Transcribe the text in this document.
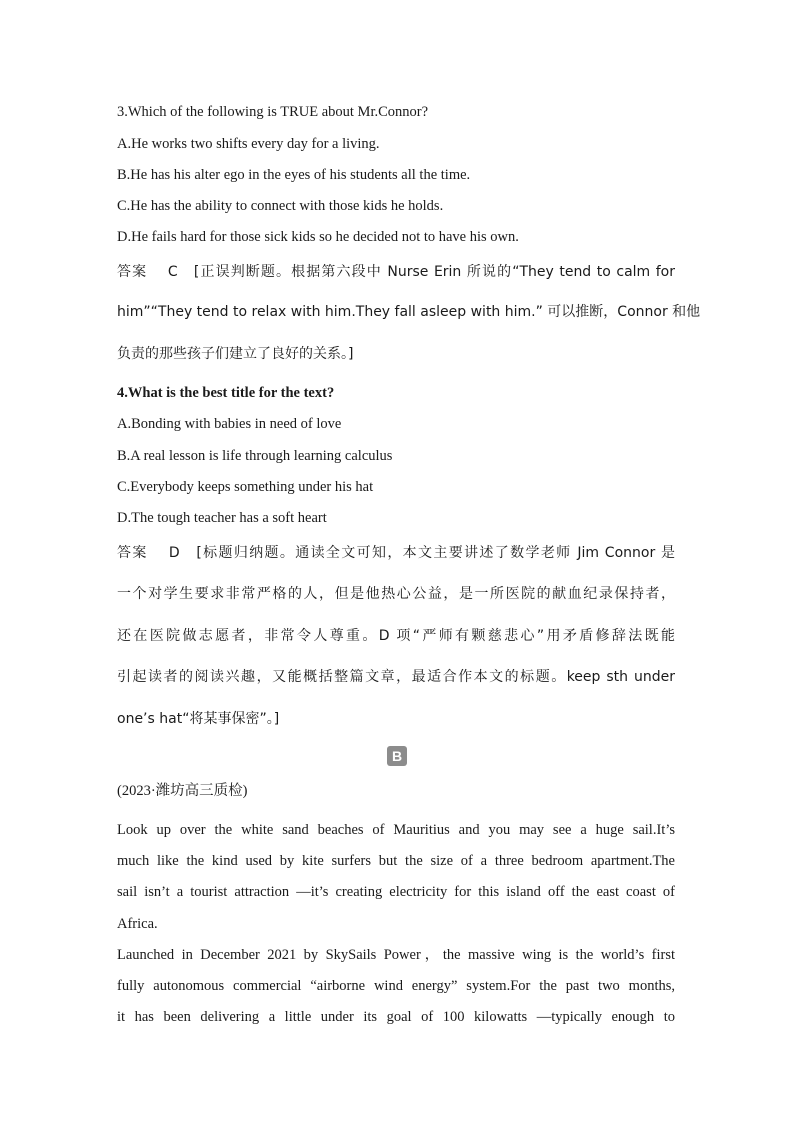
3.Which of the following is TRUE about Mr.Connor?
A.He works two shifts every day for a living.
B.He has his alter ego in the eyes of his students all the time.
C.He has the ability to connect with those kids he holds.
D.He fails hard for those sick kids so he decided not to have his own.
答案　 C　[正误判断题。根据第六段中 Nurse Erin 所说的“They tend to calm for
him”“They tend to relax with him.They fall asleep with him.” 可以推断，Connor 和他
负责的那些孩子们建立了良好的关系。]
4.What is the best title for the text?
A.Bonding with babies in need of love
B.A real lesson is life through learning calculus
C.Everybody keeps something under his hat
D.The tough teacher has a soft heart
答案　 D　[标题归纳题。通读全文可知，本文主要讲述了数学老师 Jim Connor 是
一个对学生要求非常严格的人，但是他热心公益，是一所医院的献血纪录保持者，
还在医院做志愿者，非常令人尊重。D 项“严师有颗慈悲心”用矛盾修辞法既能
引起读者的阅读兴趣，又能概括整篇文章，最适合作本文的标题。keep sth under
one’s hat“将某事保密”。]
B
(2023·潍坊高三质检)
Look up over the white sand beaches of Mauritius and you may see a huge sail.It’s
much like the kind used by kite surfers but the size of a three bedroom apartment.The
sail isn’t a tourist attraction —it’s creating electricity for this island off the east coast of
Africa.
Launched in December 2021 by SkySails Power，the massive wing is the world’s first
fully autonomous commercial “airborne wind energy” system.For the past two months,
it has been delivering a little under its goal of 100 kilowatts —typically enough to
